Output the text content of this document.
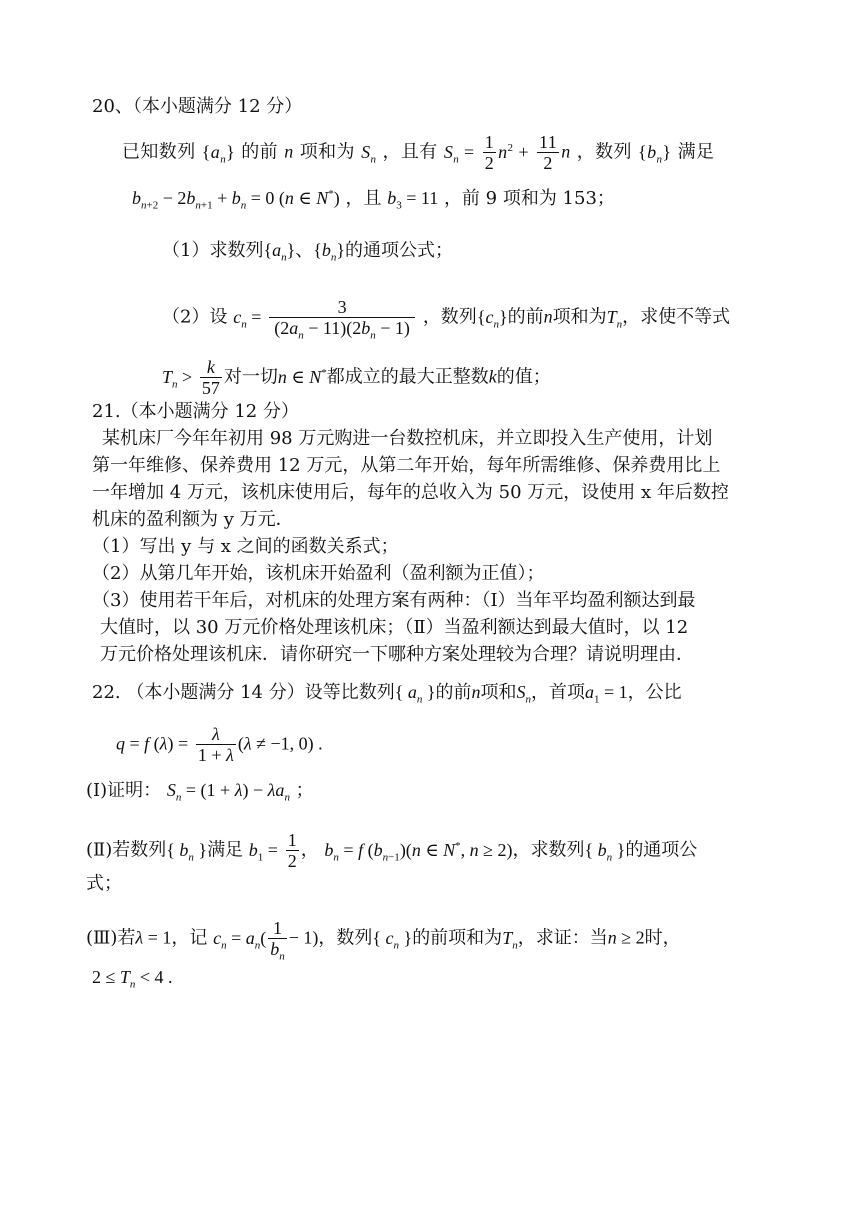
20、（本小题满分 12 分）
已知数列 $\{a_n\}$ 的前 n 项和为 $S_n$ ，且有 $S_n = \frac{1}{2} n^2 + \frac{11}{2}$ n ，数列 $\{b_n\}$ 满足
$b_{n+2} - 2b_{n+1} + b_n = 0$ (n ∈ N*) ，且 $b_3 = 11$ ，前 9 项和为 153；
（1）求数列$\{a_n\}$、$\{b_n\}$的通项公式；
（2）设 $c_n = \frac{3}{(2a_n - 11)(2b_n - 1)}$ ，数列$\{c_n\}$的前n项和为$T_n$，求使不等式
$T_n > \frac{k}{57}$ 对一切n ∈ N*都成立的最大正整数k的值；
21.（本小题满分 12 分）
某机床厂今年年初用 98 万元购进一台数控机床，并立即投入生产使用，计划
第一年维修、保养费用 12 万元，从第二年开始，每年所需维修、保养费用比上
一年增加 4 万元，该机床使用后，每年的总收入为 50 万元，设使用 x 年后数控
机床的盈利额为 y 万元．
（1）写出 y 与 x 之间的函数关系式；
（2）从第几年开始，该机床开始盈利（盈利额为正值）；
（3）使用若干年后，对机床的处理方案有两种：（Ⅰ）当年平均盈利额达到最
大值时，以 30 万元价格处理该机床；（Ⅱ）当盈利额达到最大值时，以 12
万元价格处理该机床．请你研究一下哪种方案处理较为合理？请说明理由．
22. （本小题满分 14 分）设等比数列{ $a_n$ }的前n项和$S_n$，首项$a_1 = 1$，公比
q = f $(\lambda) = \frac{\lambda}{1 + \lambda} (\lambda \ne -1$, 0) .
(Ⅰ)证明： $S_n = (1 + \lambda) - \lambda a_n$ ；
(Ⅱ)若数列{ $b_n$ }满足 $b_1 = \frac{1}{2}$ ， $b_n = f$ $(b_{n-1})(n$ ∈ N*, n ≥ 2)，求数列{ $b_n$ }的通项公
式；
(Ⅲ)若λ = 1，记 $c_n = a_n( \frac{1}{b_n} - 1)$，数列{ $c_n$ }的前项和为$T_n$，求证：当n ≥ 2时，
$2 \le T_n < 4$ .
